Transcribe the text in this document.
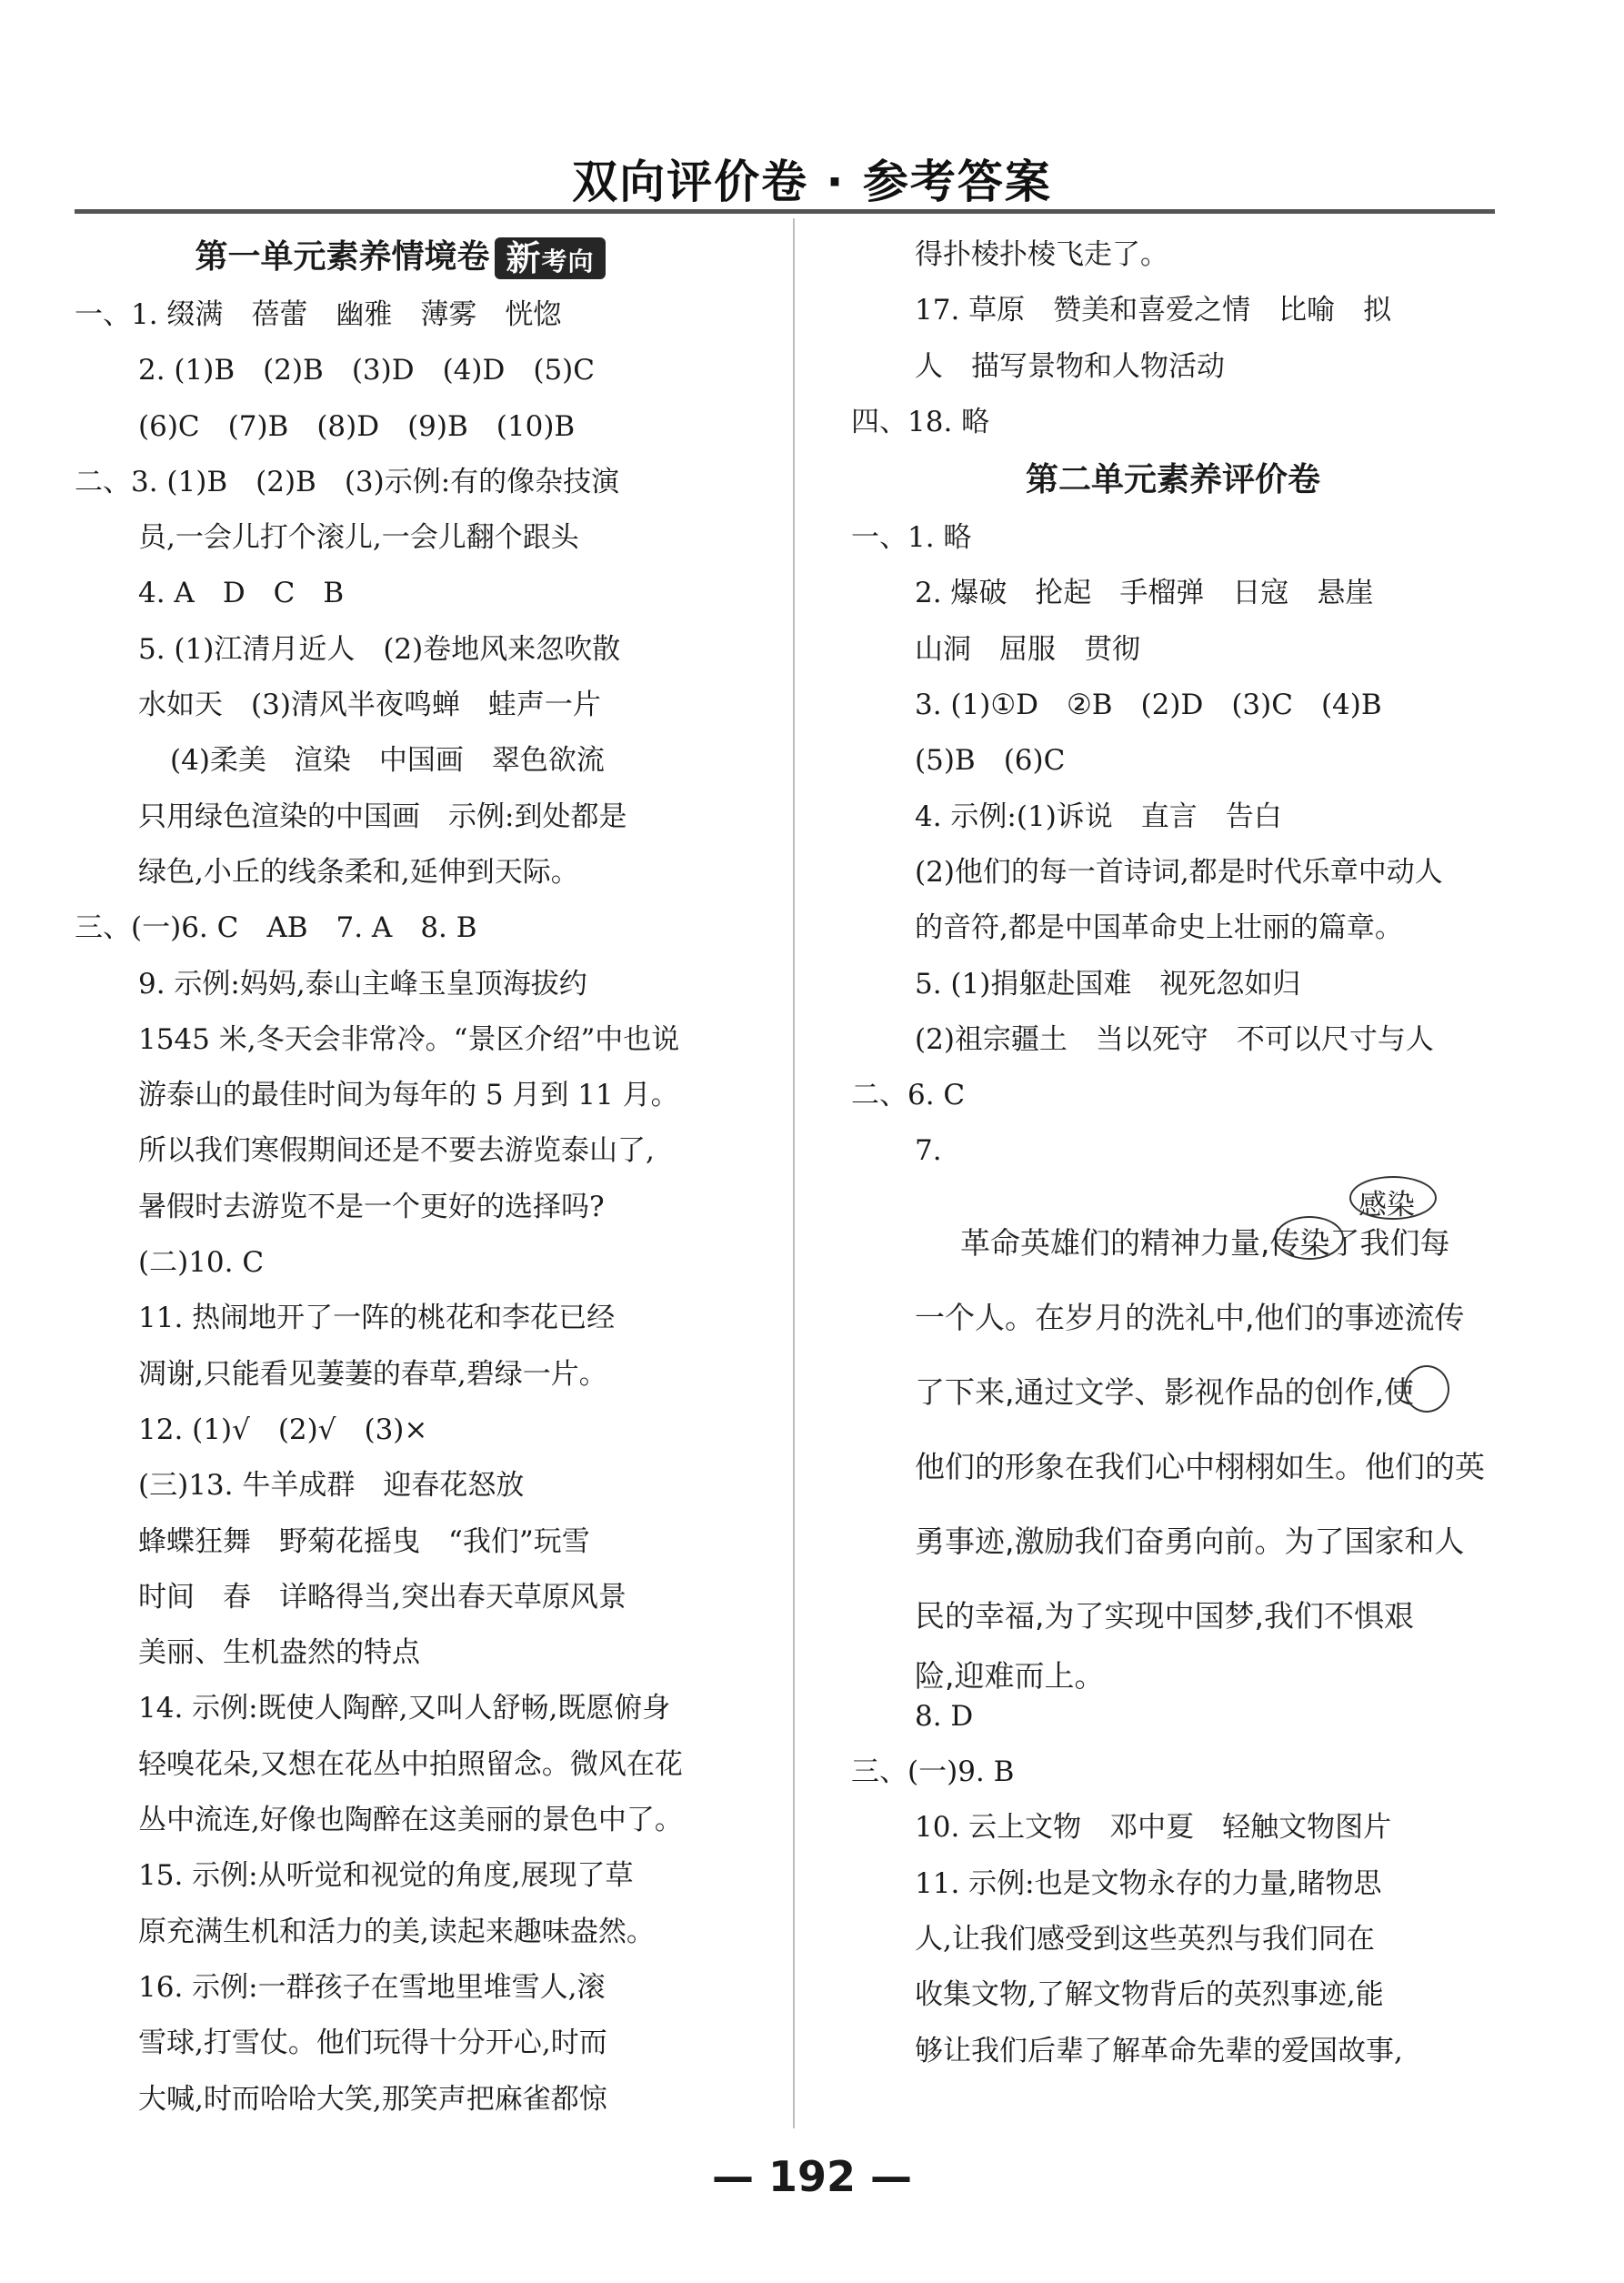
双向评价卷 · 参考答案
第一单元素养情境卷 新考向
一、1. 缀满　蓓蕾　幽雅　薄雾　恍惚
2. (1)B　(2)B　(3)D　(4)D　(5)C
(6)C　(7)B　(8)D　(9)B　(10)B
二、3. (1)B　(2)B　(3)示例:有的像杂技演
员,一会儿打个滚儿,一会儿翻个跟头
4. A　D　C　B
5. (1)江清月近人　(2)卷地风来忽吹散
水如天　(3)清风半夜鸣蝉　蛙声一片
(4)柔美　渲染　中国画　翠色欲流
只用绿色渲染的中国画　示例:到处都是
绿色,小丘的线条柔和,延伸到天际。
三、(一)6. C　AB　7. A　8. B
9. 示例:妈妈,泰山主峰玉皇顶海拔约
1545 米,冬天会非常冷。“景区介绍”中也说
游泰山的最佳时间为每年的 5 月到 11 月。
所以我们寒假期间还是不要去游览泰山了,
暑假时去游览不是一个更好的选择吗?
(二)10. C
11. 热闹地开了一阵的桃花和李花已经
凋谢,只能看见萋萋的春草,碧绿一片。
12. (1)√　(2)√　(3)×
(三)13. 牛羊成群　迎春花怒放
蜂蝶狂舞　野菊花摇曳　“我们”玩雪
时间　春　详略得当,突出春天草原风景
美丽、生机盎然的特点
14. 示例:既使人陶醉,又叫人舒畅,既愿俯身
轻嗅花朵,又想在花丛中拍照留念。微风在花
丛中流连,好像也陶醉在这美丽的景色中了。
15. 示例:从听觉和视觉的角度,展现了草
原充满生机和活力的美,读起来趣味盎然。
16. 示例:一群孩子在雪地里堆雪人,滚
雪球,打雪仗。他们玩得十分开心,时而
大喊,时而哈哈大笑,那笑声把麻雀都惊
得扑棱扑棱飞走了。
17. 草原　赞美和喜爱之情　比喻　拟
人　描写景物和人物活动
四、18. 略
第二单元素养评价卷
一、1. 略
2. 爆破　抡起　手榴弹　日寇　悬崖
山洞　屈服　贯彻
3. (1)①D　②B　(2)D　(3)C　(4)B
(5)B　(6)C
4. 示例:(1)诉说　直言　告白
(2)他们的每一首诗词,都是时代乐章中动人
的音符,都是中国革命史上壮丽的篇章。
5. (1)捐躯赴国难　视死忽如归
(2)祖宗疆土　当以死守　不可以尺寸与人
二、6. C
7.
感染
革命英雄们的精神力量,传染了我们每
一个人。在岁月的洗礼中,他们的事迹流传
了下来,通过文学、影视作品的创作,使
他们的形象在我们心中栩栩如生。他们的英
勇事迹,激励我们奋勇向前。为了国家和人
民的幸福,为了实现中国梦,我们不惧艰
险,迎难而上。
8. D
三、(一)9. B
10. 云上文物　邓中夏　轻触文物图片
11. 示例:也是文物永存的力量,睹物思
人,让我们感受到这些英烈与我们同在
收集文物,了解文物背后的英烈事迹,能
够让我们后辈了解革命先辈的爱国故事,
— 192 —
